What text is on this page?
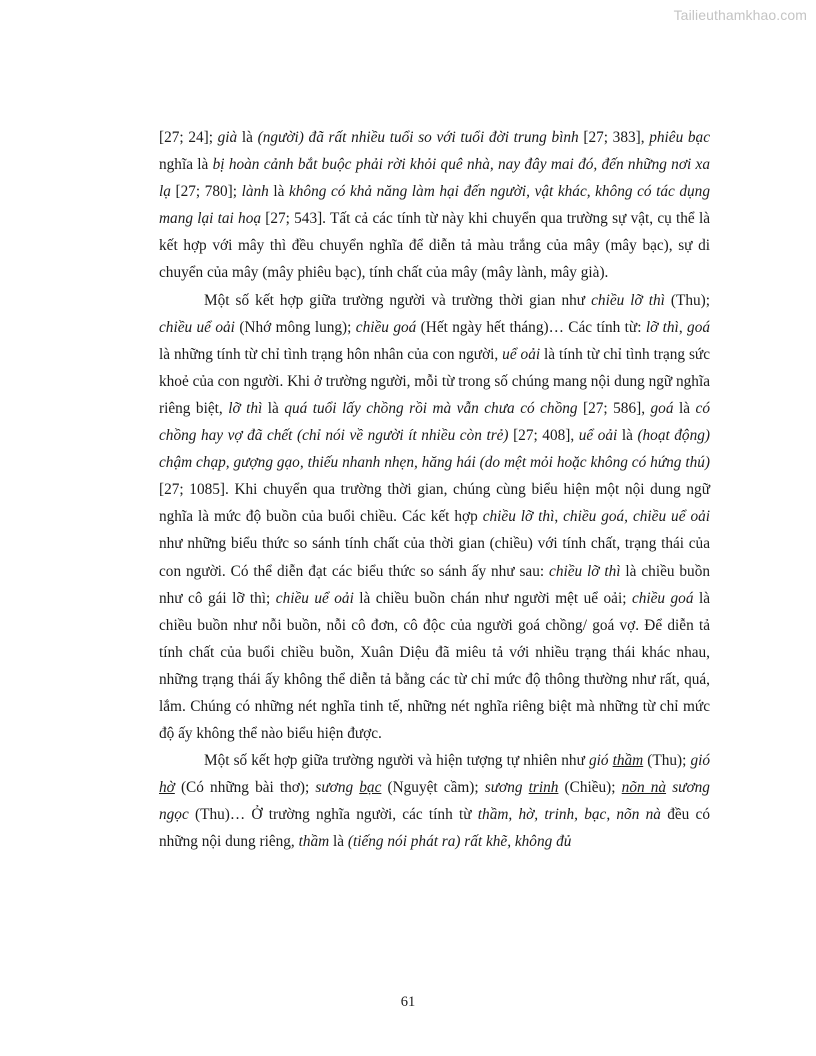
Tailieuthamkhao.com

[27; 24]; già là (người) đã rất nhiều tuổi so với tuổi đời trung bình [27; 383], phiêu bạc nghĩa là bị hoàn cảnh bắt buộc phải rời khỏi quê nhà, nay đây mai đó, đến những nơi xa lạ [27; 780]; lành là không có khả năng làm hại đến người, vật khác, không có tác dụng mang lại tai hoạ [27; 543]. Tất cả các tính từ này khi chuyển qua trường sự vật, cụ thể là kết hợp với mây thì đều chuyển nghĩa để diễn tả màu trắng của mây (mây bạc), sự di chuyển của mây (mây phiêu bạc), tính chất của mây (mây lành, mây già).

Một số kết hợp giữa trường người và trường thời gian như chiều lỡ thì (Thu); chiều uể oải (Nhớ mông lung); chiều goá (Hết ngày hết tháng)… Các tính từ: lỡ thì, goá là những tính từ chỉ tình trạng hôn nhân của con người, uể oải là tính từ chỉ tình trạng sức khoẻ của con người. Khi ở trường người, mỗi từ trong số chúng mang nội dung ngữ nghĩa riêng biệt, lỡ thì là quá tuổi lấy chồng rồi mà vẫn chưa có chồng [27; 586], goá là có chồng hay vợ đã chết (chỉ nói về người ít nhiều còn trẻ) [27; 408], uể oải là (hoạt động) chậm chạp, gượng gạo, thiếu nhanh nhẹn, hăng hái (do mệt mỏi hoặc không có hứng thú) [27; 1085]. Khi chuyển qua trường thời gian, chúng cùng biểu hiện một nội dung ngữ nghĩa là mức độ buồn của buổi chiều. Các kết hợp chiều lỡ thì, chiều goá, chiều uể oải như những biểu thức so sánh tính chất của thời gian (chiều) với tính chất, trạng thái của con người. Có thể diễn đạt các biểu thức so sánh ấy như sau: chiều lỡ thì là chiều buồn như cô gái lỡ thì; chiều uể oải là chiều buồn chán như người mệt uể oải; chiều goá là chiều buồn như nỗi buồn, nỗi cô đơn, cô độc của người goá chồng/ goá vợ. Để diễn tả tính chất của buổi chiều buồn, Xuân Diệu đã miêu tả với nhiều trạng thái khác nhau, những trạng thái ấy không thể diễn tả bằng các từ chỉ mức độ thông thường như rất, quá, lắm. Chúng có những nét nghĩa tinh tế, những nét nghĩa riêng biệt mà những từ chỉ mức độ ấy không thể nào biểu hiện được.

Một số kết hợp giữa trường người và hiện tượng tự nhiên như gió thầm (Thu); gió hờ (Có những bài thơ); sương bạc (Nguyệt cầm); sương trinh (Chiều); nõn nà sương ngọc (Thu)… Ở trường nghĩa người, các tính từ thầm, hờ, trinh, bạc, nõn nà đều có những nội dung riêng, thầm là (tiếng nói phát ra) rất khẽ, không đủ

61
